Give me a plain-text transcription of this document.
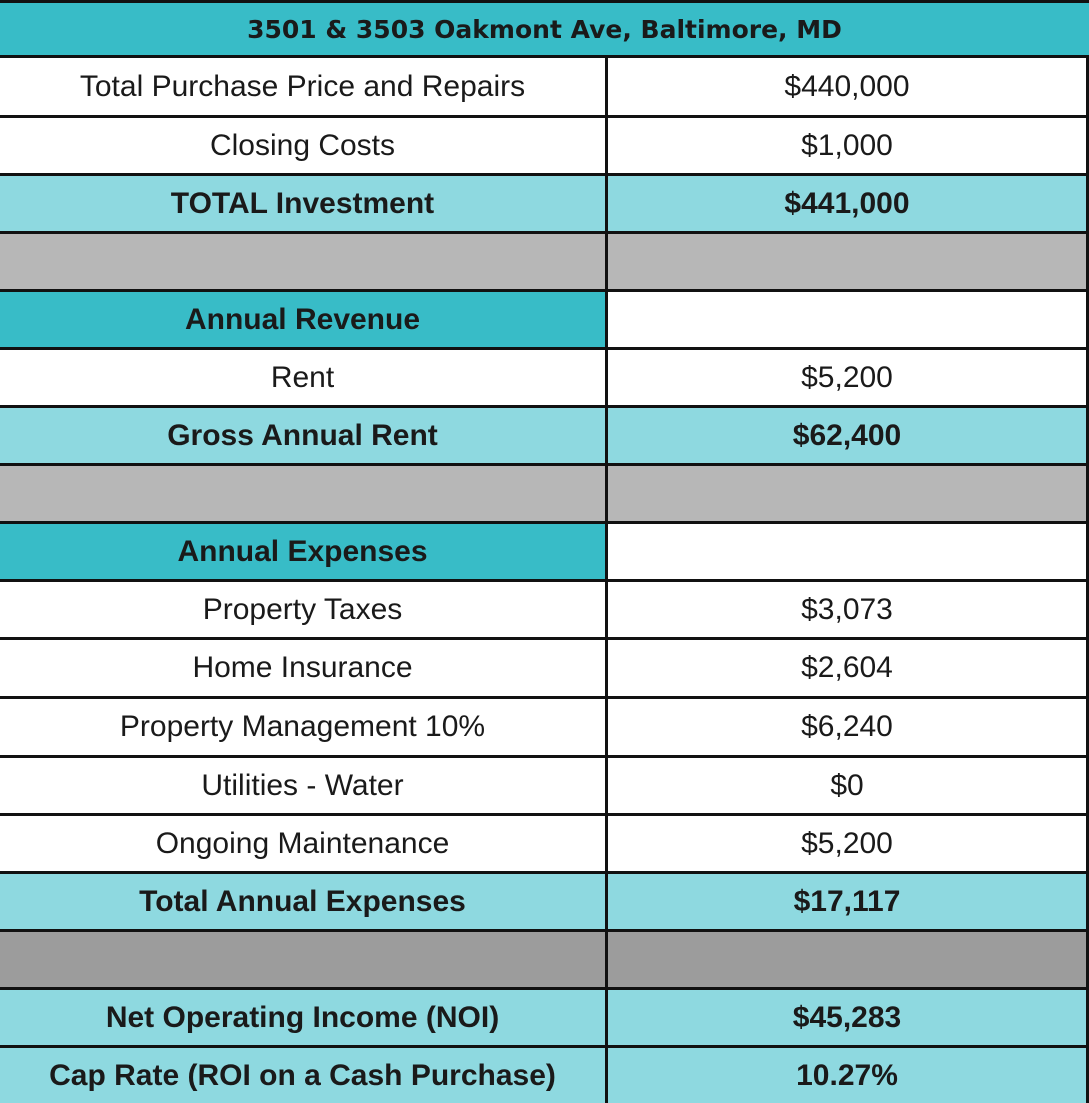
3501 & 3503 Oakmont Ave, Baltimore, MD
Total Purchase Price and Repairs	$440,000
Closing Costs	$1,000
TOTAL Investment	$441,000
Annual Revenue
Rent	$5,200
Gross Annual Rent	$62,400
Annual Expenses
Property Taxes	$3,073
Home Insurance	$2,604
Property Management 10%	$6,240
Utilities - Water	$0
Ongoing Maintenance	$5,200
Total Annual Expenses	$17,117
Net Operating Income (NOI)	$45,283
Cap Rate (ROI on a Cash Purchase)	10.27%
